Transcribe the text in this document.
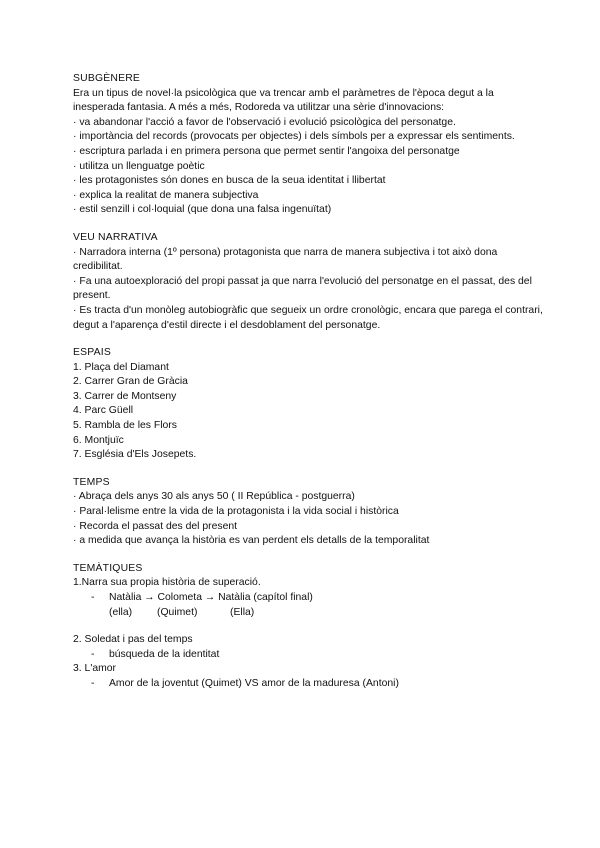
SUBGÈNERE

Era un tipus de novel·la psicològica que va trencar amb el paràmetres de l'època degut a la inesperada fantasia. A més a més, Rodoreda va utilitzar una sèrie d'innovacions:

· va abandonar l'acció a favor de l'observació i evolució psicològica del personatge.

· importància del records (provocats per objectes) i dels símbols per a expressar els sentiments.

· escriptura parlada i en primera persona que permet sentir l'angoixa del personatge

· utilitza un llenguatge poètic

· les protagonistes són dones en busca de la seua identitat i llibertat

· explica la realitat de manera subjectiva

· estil senzill i col·loquial (que dona una falsa ingenuïtat)

VEU NARRATIVA

· Narradora interna (1º persona) protagonista que narra de manera subjectiva i tot això dona credibilitat.

· Fa una autoexploració del propi passat ja que narra l'evolució del personatge en el passat, des del present.

· Es tracta d'un monòleg autobiogràfic que segueix un ordre cronològic, encara que parega el contrari, degut a l'aparença d'estil directe i el desdoblament del personatge.

ESPAIS

1. Plaça del Diamant

2. Carrer Gran de Gràcia

3. Carrer de Montseny

4. Parc Güell

5. Rambla de les Flors

6. Montjuïc

7. Església d'Els Josepets.

TEMPS

· Abraça dels anys 30 als anys 50 ( II República - postguerra)

· Paral·lelisme entre la vida de la protagonista i la vida social i històrica

· Recorda el passat des del present

· a medida que avança la història es van perdent els detalls de la temporalitat

TEMÀTIQUES

1.Narra sua propia història de superació.

- Natàlia → Colometa → Natàlia (capítol final)
(ella) (Quimet)	(Ella)

2. Soledat i pas del temps

- búsqueda de la identitat

3. L'amor

- Amor de la joventut (Quimet) VS amor de la maduresa (Antoni)
